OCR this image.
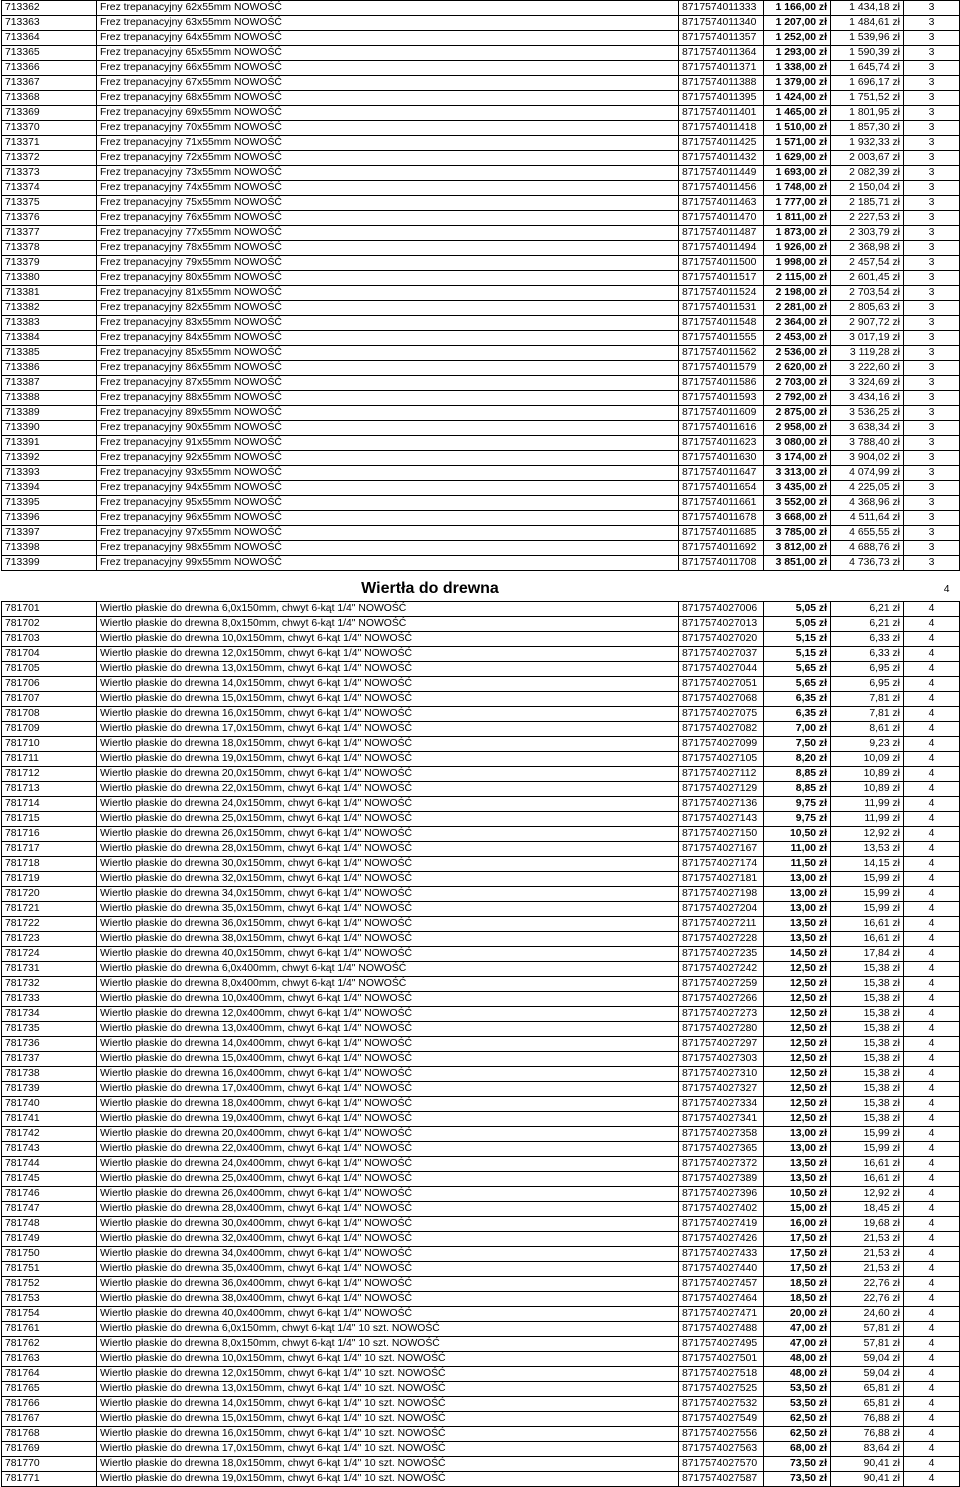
713362	Frez trepanacyjny 62x55mm NOWOŚĆ	8717574011333	1 166,00 zł	1 434,18 zł	3
713363	Frez trepanacyjny 63x55mm NOWOŚĆ	8717574011340	1 207,00 zł	1 484,61 zł	3
713364	Frez trepanacyjny 64x55mm NOWOŚĆ	8717574011357	1 252,00 zł	1 539,96 zł	3
713365	Frez trepanacyjny 65x55mm NOWOŚĆ	8717574011364	1 293,00 zł	1 590,39 zł	3
713366	Frez trepanacyjny 66x55mm NOWOŚĆ	8717574011371	1 338,00 zł	1 645,74 zł	3
713367	Frez trepanacyjny 67x55mm NOWOŚĆ	8717574011388	1 379,00 zł	1 696,17 zł	3
713368	Frez trepanacyjny 68x55mm NOWOŚĆ	8717574011395	1 424,00 zł	1 751,52 zł	3
713369	Frez trepanacyjny 69x55mm NOWOŚĆ	8717574011401	1 465,00 zł	1 801,95 zł	3
713370	Frez trepanacyjny 70x55mm NOWOŚĆ	8717574011418	1 510,00 zł	1 857,30 zł	3
713371	Frez trepanacyjny 71x55mm NOWOŚĆ	8717574011425	1 571,00 zł	1 932,33 zł	3
713372	Frez trepanacyjny 72x55mm NOWOŚĆ	8717574011432	1 629,00 zł	2 003,67 zł	3
713373	Frez trepanacyjny 73x55mm NOWOŚĆ	8717574011449	1 693,00 zł	2 082,39 zł	3
713374	Frez trepanacyjny 74x55mm NOWOŚĆ	8717574011456	1 748,00 zł	2 150,04 zł	3
713375	Frez trepanacyjny 75x55mm NOWOŚĆ	8717574011463	1 777,00 zł	2 185,71 zł	3
713376	Frez trepanacyjny 76x55mm NOWOŚĆ	8717574011470	1 811,00 zł	2 227,53 zł	3
713377	Frez trepanacyjny 77x55mm NOWOŚĆ	8717574011487	1 873,00 zł	2 303,79 zł	3
713378	Frez trepanacyjny 78x55mm NOWOŚĆ	8717574011494	1 926,00 zł	2 368,98 zł	3
713379	Frez trepanacyjny 79x55mm NOWOŚĆ	8717574011500	1 998,00 zł	2 457,54 zł	3
713380	Frez trepanacyjny 80x55mm NOWOŚĆ	8717574011517	2 115,00 zł	2 601,45 zł	3
713381	Frez trepanacyjny 81x55mm NOWOŚĆ	8717574011524	2 198,00 zł	2 703,54 zł	3
713382	Frez trepanacyjny 82x55mm NOWOŚĆ	8717574011531	2 281,00 zł	2 805,63 zł	3
713383	Frez trepanacyjny 83x55mm NOWOŚĆ	8717574011548	2 364,00 zł	2 907,72 zł	3
713384	Frez trepanacyjny 84x55mm NOWOŚĆ	8717574011555	2 453,00 zł	3 017,19 zł	3
713385	Frez trepanacyjny 85x55mm NOWOŚĆ	8717574011562	2 536,00 zł	3 119,28 zł	3
713386	Frez trepanacyjny 86x55mm NOWOŚĆ	8717574011579	2 620,00 zł	3 222,60 zł	3
713387	Frez trepanacyjny 87x55mm NOWOŚĆ	8717574011586	2 703,00 zł	3 324,69 zł	3
713388	Frez trepanacyjny 88x55mm NOWOŚĆ	8717574011593	2 792,00 zł	3 434,16 zł	3
713389	Frez trepanacyjny 89x55mm NOWOŚĆ	8717574011609	2 875,00 zł	3 536,25 zł	3
713390	Frez trepanacyjny 90x55mm NOWOŚĆ	8717574011616	2 958,00 zł	3 638,34 zł	3
713391	Frez trepanacyjny 91x55mm NOWOŚĆ	8717574011623	3 080,00 zł	3 788,40 zł	3
713392	Frez trepanacyjny 92x55mm NOWOŚĆ	8717574011630	3 174,00 zł	3 904,02 zł	3
713393	Frez trepanacyjny 93x55mm NOWOŚĆ	8717574011647	3 313,00 zł	4 074,99 zł	3
713394	Frez trepanacyjny 94x55mm NOWOŚĆ	8717574011654	3 435,00 zł	4 225,05 zł	3
713395	Frez trepanacyjny 95x55mm NOWOŚĆ	8717574011661	3 552,00 zł	4 368,96 zł	3
713396	Frez trepanacyjny 96x55mm NOWOŚĆ	8717574011678	3 668,00 zł	4 511,64 zł	3
713397	Frez trepanacyjny 97x55mm NOWOŚĆ	8717574011685	3 785,00 zł	4 655,55 zł	3
713398	Frez trepanacyjny 98x55mm NOWOŚĆ	8717574011692	3 812,00 zł	4 688,76 zł	3
713399	Frez trepanacyjny 99x55mm NOWOŚĆ	8717574011708	3 851,00 zł	4 736,73 zł	3
	Wiertła do drewna				4
781701	Wiertło płaskie do drewna 6,0x150mm, chwyt 6-kąt 1/4" NOWOŚĆ	8717574027006	5,05 zł	6,21 zł	4
781702	Wiertło płaskie do drewna 8,0x150mm, chwyt 6-kąt 1/4" NOWOŚĆ	8717574027013	5,05 zł	6,21 zł	4
781703	Wiertło płaskie do drewna 10,0x150mm, chwyt 6-kąt 1/4" NOWOŚĆ	8717574027020	5,15 zł	6,33 zł	4
781704	Wiertło płaskie do drewna 12,0x150mm, chwyt 6-kąt 1/4" NOWOŚĆ	8717574027037	5,15 zł	6,33 zł	4
781705	Wiertło płaskie do drewna 13,0x150mm, chwyt 6-kąt 1/4" NOWOŚĆ	8717574027044	5,65 zł	6,95 zł	4
781706	Wiertło płaskie do drewna 14,0x150mm, chwyt 6-kąt 1/4" NOWOŚĆ	8717574027051	5,65 zł	6,95 zł	4
781707	Wiertło płaskie do drewna 15,0x150mm, chwyt 6-kąt 1/4" NOWOŚĆ	8717574027068	6,35 zł	7,81 zł	4
781708	Wiertło płaskie do drewna 16,0x150mm, chwyt 6-kąt 1/4" NOWOŚĆ	8717574027075	6,35 zł	7,81 zł	4
781709	Wiertło płaskie do drewna 17,0x150mm, chwyt 6-kąt 1/4" NOWOŚĆ	8717574027082	7,00 zł	8,61 zł	4
781710	Wiertło płaskie do drewna 18,0x150mm, chwyt 6-kąt 1/4" NOWOŚĆ	8717574027099	7,50 zł	9,23 zł	4
781711	Wiertło płaskie do drewna 19,0x150mm, chwyt 6-kąt 1/4" NOWOŚĆ	8717574027105	8,20 zł	10,09 zł	4
781712	Wiertło płaskie do drewna 20,0x150mm, chwyt 6-kąt 1/4" NOWOŚĆ	8717574027112	8,85 zł	10,89 zł	4
781713	Wiertło płaskie do drewna 22,0x150mm, chwyt 6-kąt 1/4" NOWOŚĆ	8717574027129	8,85 zł	10,89 zł	4
781714	Wiertło płaskie do drewna 24,0x150mm, chwyt 6-kąt 1/4" NOWOŚĆ	8717574027136	9,75 zł	11,99 zł	4
781715	Wiertło płaskie do drewna 25,0x150mm, chwyt 6-kąt 1/4" NOWOŚĆ	8717574027143	9,75 zł	11,99 zł	4
781716	Wiertło płaskie do drewna 26,0x150mm, chwyt 6-kąt 1/4" NOWOŚĆ	8717574027150	10,50 zł	12,92 zł	4
781717	Wiertło płaskie do drewna 28,0x150mm, chwyt 6-kąt 1/4" NOWOŚĆ	8717574027167	11,00 zł	13,53 zł	4
781718	Wiertło płaskie do drewna 30,0x150mm, chwyt 6-kąt 1/4" NOWOŚĆ	8717574027174	11,50 zł	14,15 zł	4
781719	Wiertło płaskie do drewna 32,0x150mm, chwyt 6-kąt 1/4" NOWOŚĆ	8717574027181	13,00 zł	15,99 zł	4
781720	Wiertło płaskie do drewna 34,0x150mm, chwyt 6-kąt 1/4" NOWOŚĆ	8717574027198	13,00 zł	15,99 zł	4
781721	Wiertło płaskie do drewna 35,0x150mm, chwyt 6-kąt 1/4" NOWOŚĆ	8717574027204	13,00 zł	15,99 zł	4
781722	Wiertło płaskie do drewna 36,0x150mm, chwyt 6-kąt 1/4" NOWOŚĆ	8717574027211	13,50 zł	16,61 zł	4
781723	Wiertło płaskie do drewna 38,0x150mm, chwyt 6-kąt 1/4" NOWOŚĆ	8717574027228	13,50 zł	16,61 zł	4
781724	Wiertło płaskie do drewna 40,0x150mm, chwyt 6-kąt 1/4" NOWOŚĆ	8717574027235	14,50 zł	17,84 zł	4
781731	Wiertło płaskie do drewna 6,0x400mm, chwyt 6-kąt 1/4" NOWOŚĆ	8717574027242	12,50 zł	15,38 zł	4
781732	Wiertło płaskie do drewna 8,0x400mm, chwyt 6-kąt 1/4" NOWOŚĆ	8717574027259	12,50 zł	15,38 zł	4
781733	Wiertło płaskie do drewna 10,0x400mm, chwyt 6-kąt 1/4" NOWOŚĆ	8717574027266	12,50 zł	15,38 zł	4
781734	Wiertło płaskie do drewna 12,0x400mm, chwyt 6-kąt 1/4" NOWOŚĆ	8717574027273	12,50 zł	15,38 zł	4
781735	Wiertło płaskie do drewna 13,0x400mm, chwyt 6-kąt 1/4" NOWOŚĆ	8717574027280	12,50 zł	15,38 zł	4
781736	Wiertło płaskie do drewna 14,0x400mm, chwyt 6-kąt 1/4" NOWOŚĆ	8717574027297	12,50 zł	15,38 zł	4
781737	Wiertło płaskie do drewna 15,0x400mm, chwyt 6-kąt 1/4" NOWOŚĆ	8717574027303	12,50 zł	15,38 zł	4
781738	Wiertło płaskie do drewna 16,0x400mm, chwyt 6-kąt 1/4" NOWOŚĆ	8717574027310	12,50 zł	15,38 zł	4
781739	Wiertło płaskie do drewna 17,0x400mm, chwyt 6-kąt 1/4" NOWOŚĆ	8717574027327	12,50 zł	15,38 zł	4
781740	Wiertło płaskie do drewna 18,0x400mm, chwyt 6-kąt 1/4" NOWOŚĆ	8717574027334	12,50 zł	15,38 zł	4
781741	Wiertło płaskie do drewna 19,0x400mm, chwyt 6-kąt 1/4" NOWOŚĆ	8717574027341	12,50 zł	15,38 zł	4
781742	Wiertło płaskie do drewna 20,0x400mm, chwyt 6-kąt 1/4" NOWOŚĆ	8717574027358	13,00 zł	15,99 zł	4
781743	Wiertło płaskie do drewna 22,0x400mm, chwyt 6-kąt 1/4" NOWOŚĆ	8717574027365	13,00 zł	15,99 zł	4
781744	Wiertło płaskie do drewna 24,0x400mm, chwyt 6-kąt 1/4" NOWOŚĆ	8717574027372	13,50 zł	16,61 zł	4
781745	Wiertło płaskie do drewna 25,0x400mm, chwyt 6-kąt 1/4" NOWOŚĆ	8717574027389	13,50 zł	16,61 zł	4
781746	Wiertło płaskie do drewna 26,0x400mm, chwyt 6-kąt 1/4" NOWOŚĆ	8717574027396	10,50 zł	12,92 zł	4
781747	Wiertło płaskie do drewna 28,0x400mm, chwyt 6-kąt 1/4" NOWOŚĆ	8717574027402	15,00 zł	18,45 zł	4
781748	Wiertło płaskie do drewna 30,0x400mm, chwyt 6-kąt 1/4" NOWOŚĆ	8717574027419	16,00 zł	19,68 zł	4
781749	Wiertło płaskie do drewna 32,0x400mm, chwyt 6-kąt 1/4" NOWOŚĆ	8717574027426	17,50 zł	21,53 zł	4
781750	Wiertło płaskie do drewna 34,0x400mm, chwyt 6-kąt 1/4" NOWOŚĆ	8717574027433	17,50 zł	21,53 zł	4
781751	Wiertło płaskie do drewna 35,0x400mm, chwyt 6-kąt 1/4" NOWOŚĆ	8717574027440	17,50 zł	21,53 zł	4
781752	Wiertło płaskie do drewna 36,0x400mm, chwyt 6-kąt 1/4" NOWOŚĆ	8717574027457	18,50 zł	22,76 zł	4
781753	Wiertło płaskie do drewna 38,0x400mm, chwyt 6-kąt 1/4" NOWOŚĆ	8717574027464	18,50 zł	22,76 zł	4
781754	Wiertło płaskie do drewna 40,0x400mm, chwyt 6-kąt 1/4" NOWOŚĆ	8717574027471	20,00 zł	24,60 zł	4
781761	Wiertło płaskie do drewna 6,0x150mm, chwyt 6-kąt 1/4" 10 szt. NOWOŚĆ	8717574027488	47,00 zł	57,81 zł	4
781762	Wiertło płaskie do drewna 8,0x150mm, chwyt 6-kąt 1/4" 10 szt. NOWOŚĆ	8717574027495	47,00 zł	57,81 zł	4
781763	Wiertło płaskie do drewna 10,0x150mm, chwyt 6-kąt 1/4" 10 szt. NOWOŚĆ	8717574027501	48,00 zł	59,04 zł	4
781764	Wiertło płaskie do drewna 12,0x150mm, chwyt 6-kąt 1/4" 10 szt. NOWOŚĆ	8717574027518	48,00 zł	59,04 zł	4
781765	Wiertło płaskie do drewna 13,0x150mm, chwyt 6-kąt 1/4" 10 szt. NOWOŚĆ	8717574027525	53,50 zł	65,81 zł	4
781766	Wiertło płaskie do drewna 14,0x150mm, chwyt 6-kąt 1/4" 10 szt. NOWOŚĆ	8717574027532	53,50 zł	65,81 zł	4
781767	Wiertło płaskie do drewna 15,0x150mm, chwyt 6-kąt 1/4" 10 szt. NOWOŚĆ	8717574027549	62,50 zł	76,88 zł	4
781768	Wiertło płaskie do drewna 16,0x150mm, chwyt 6-kąt 1/4" 10 szt. NOWOŚĆ	8717574027556	62,50 zł	76,88 zł	4
781769	Wiertło płaskie do drewna 17,0x150mm, chwyt 6-kąt 1/4" 10 szt. NOWOŚĆ	8717574027563	68,00 zł	83,64 zł	4
781770	Wiertło płaskie do drewna 18,0x150mm, chwyt 6-kąt 1/4" 10 szt. NOWOŚĆ	8717574027570	73,50 zł	90,41 zł	4
781771	Wiertło płaskie do drewna 19,0x150mm, chwyt 6-kąt 1/4" 10 szt. NOWOŚĆ	8717574027587	73,50 zł	90,41 zł	4
